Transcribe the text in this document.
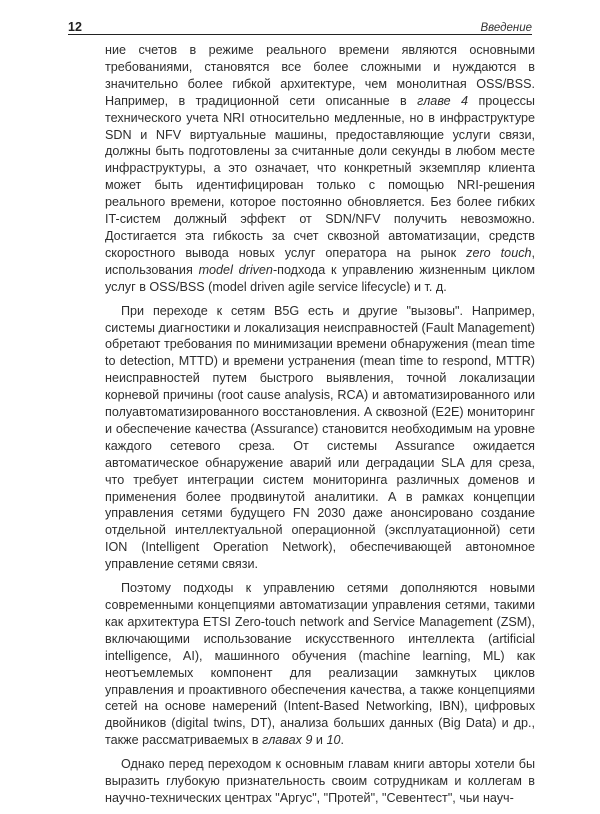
12	Введение

ние счетов в режиме реального времени являются основными требованиями, становятся все более сложными и нуждаются в значительно более гибкой архитектуре, чем монолитная OSS/BSS. Например, в традиционной сети описанные в главе 4 процессы технического учета NRI относительно медленные, но в инфраструктуре SDN и NFV виртуальные машины, предоставляющие услуги связи, должны быть подготовлены за считанные доли секунды в любом месте инфраструктуры, а это означает, что конкретный экземпляр клиента может быть идентифицирован только с помощью NRI-решения реального времени, которое постоянно обновляется. Без более гибких IT-систем должный эффект от SDN/NFV получить невозможно. Достигается эта гибкость за счет сквозной автоматизации, средств скоростного вывода новых услуг оператора на рынок zero touch, использования model driven-подхода к управлению жизненным циклом услуг в OSS/BSS (model driven agile service lifecycle) и т. д.

При переходе к сетям B5G есть и другие "вызовы". Например, системы диагностики и локализация неисправностей (Fault Management) обретают требования по минимизации времени обнаружения (mean time to detection, MTTD) и времени устранения (mean time to respond, MTTR) неисправностей путем быстрого выявления, точной локализации корневой причины (root cause analysis, RCA) и автоматизированного или полуавтоматизированного восстановления. А сквозной (E2E) мониторинг и обеспечение качества (Assurance) становится необходимым на уровне каждого сетевого среза. От системы Assurance ожидается автоматическое обнаружение аварий или деградации SLA для среза, что требует интеграции систем мониторинга различных доменов и применения более продвинутой аналитики. А в рамках концепции управления сетями будущего FN 2030 даже анонсировано создание отдельной интеллектуальной операционной (эксплуатационной) сети ION (Intelligent Operation Network), обеспечивающей автономное управление сетями связи.

Поэтому подходы к управлению сетями дополняются новыми современными концепциями автоматизации управления сетями, такими как архитектура ETSI Zero-touch network and Service Management (ZSM), включающими использование искусственного интеллекта (artificial intelligence, AI), машинного обучения (machine learning, ML) как неотъемлемых компонент для реализации замкнутых циклов управления и проактивного обеспечения качества, а также концепциями сетей на основе намерений (Intent-Based Networking, IBN), цифровых двойников (digital twins, DT), анализа больших данных (Big Data) и др., также рассматриваемых в главах 9 и 10.

Однако перед переходом к основным главам книги авторы хотели бы выразить глубокую признательность своим сотрудникам и коллегам в научно-технических центрах "Аргус", "Протей", "Севентест", чьи науч-
